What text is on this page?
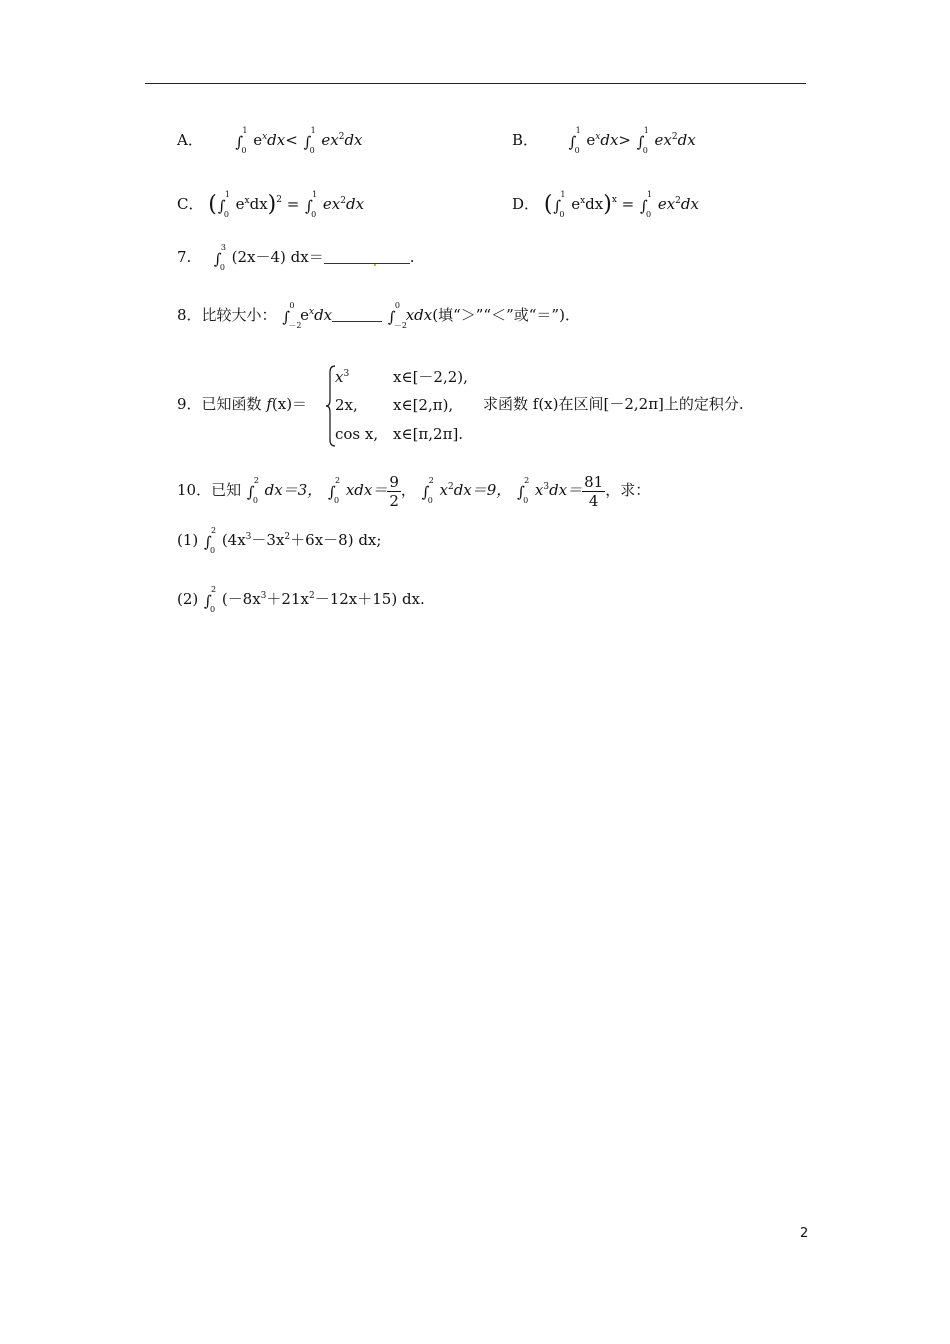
A． ∫
1
0
$e^xdx<$ ∫
1
0
$ex^2dx$	B． ∫
1
0
$e^xdx>$ ∫
1
0
$ex^2dx$
C． ( ∫
1
0
$e^xdx)^2$ = ∫
1
0
$ex^2dx$	D． ( ∫
1
0
$e^xdx)^x$ = ∫
1
0
$ex^2dx$
7. ∫
3
0
(2x－4) dx＝	.
8．比较大小： ∫
0
－2
$e^xdx$	∫
0
－2
xdx(填“＞”“＜”或“＝”)．
9．已知函数 f(x)＝
$x^3$	x∈[－2,2),
2x, x∈[2,π),
cos x, x∈[π,2π].
求函数 f(x)在区间[－2,2π]上的定积分.
10．已知 ∫
2
0
dx＝3， ∫
2
0
$xdx= \frac{9}{2}$ ， ∫
2
0
$x^2dx=9$， ∫
2
0
$x^3dx= \frac{81}{4}$ ，求：
(1) ∫
2
0
$(4x^3-3x^2+6x-8)$ dx;
(2) ∫
2
0
$(-8x^3+21x^2-12x+15)$ dx.
2
